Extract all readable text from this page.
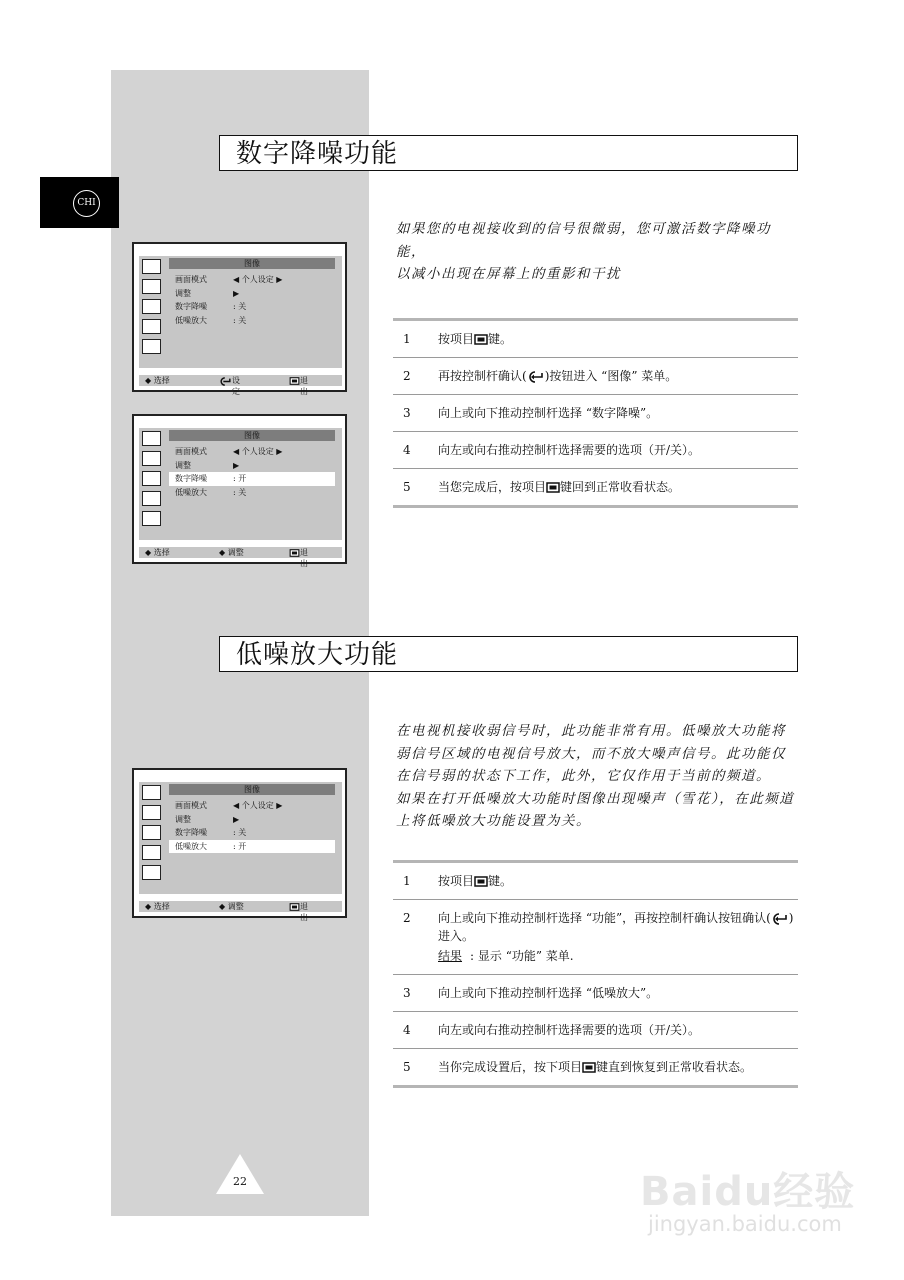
CHI
数字降噪功能

如果您的电视接收到的信号很微弱，您可激活数字降噪功能，

以减小出现在屏幕上的重影和干扰

1	按项目 键。
2	再按控制杆确认( )按钮进入 “图像” 菜单。
3	向上或向下推动控制杆选择 “数字降噪”。
4	向左或向右推动控制杆选择需要的选项（开/关）。
5	当您完成后，按项目 键回到正常收看状态。
图像
画面模式	◀ 个人设定 ▶
调整	▶
数字降噪	: 关
低噪放大	: 关
◆ 选择	设定
退出
图像
画面模式	◀ 个人设定 ▶
调整	▶
数字降噪	: 开
低噪放大	: 关
◆ 选择	◆ 调整	退出
低噪放大功能

在电视机接收弱信号时，此功能非常有用。低噪放大功能将弱信号区域的电视信号放大，而不放大噪声信号。此功能仅在信号弱的状态下工作，此外，它仅作用于当前的频道。

如果在打开低噪放大功能时图像出现噪声（雪花），在此频道上将低噪放大功能设置为关。

1	按项目 键。
2	向上或向下推动控制杆选择 “功能”，再按控制杆确认按钮确认( )进入。
结果 : 显示 “功能” 菜单.
3	向上或向下推动控制杆选择 “低噪放大”。
4	向左或向右推动控制杆选择需要的选项（开/关）。
5	当你完成设置后，按下项目 键直到恢复到正常收看状态。
图像
画面模式	◀ 个人设定 ▶
调整	▶
数字降噪	: 关
低噪放大	: 开
◆ 选择	◆ 调整	退出
22	Baidu经验
jingyan.baidu.com
